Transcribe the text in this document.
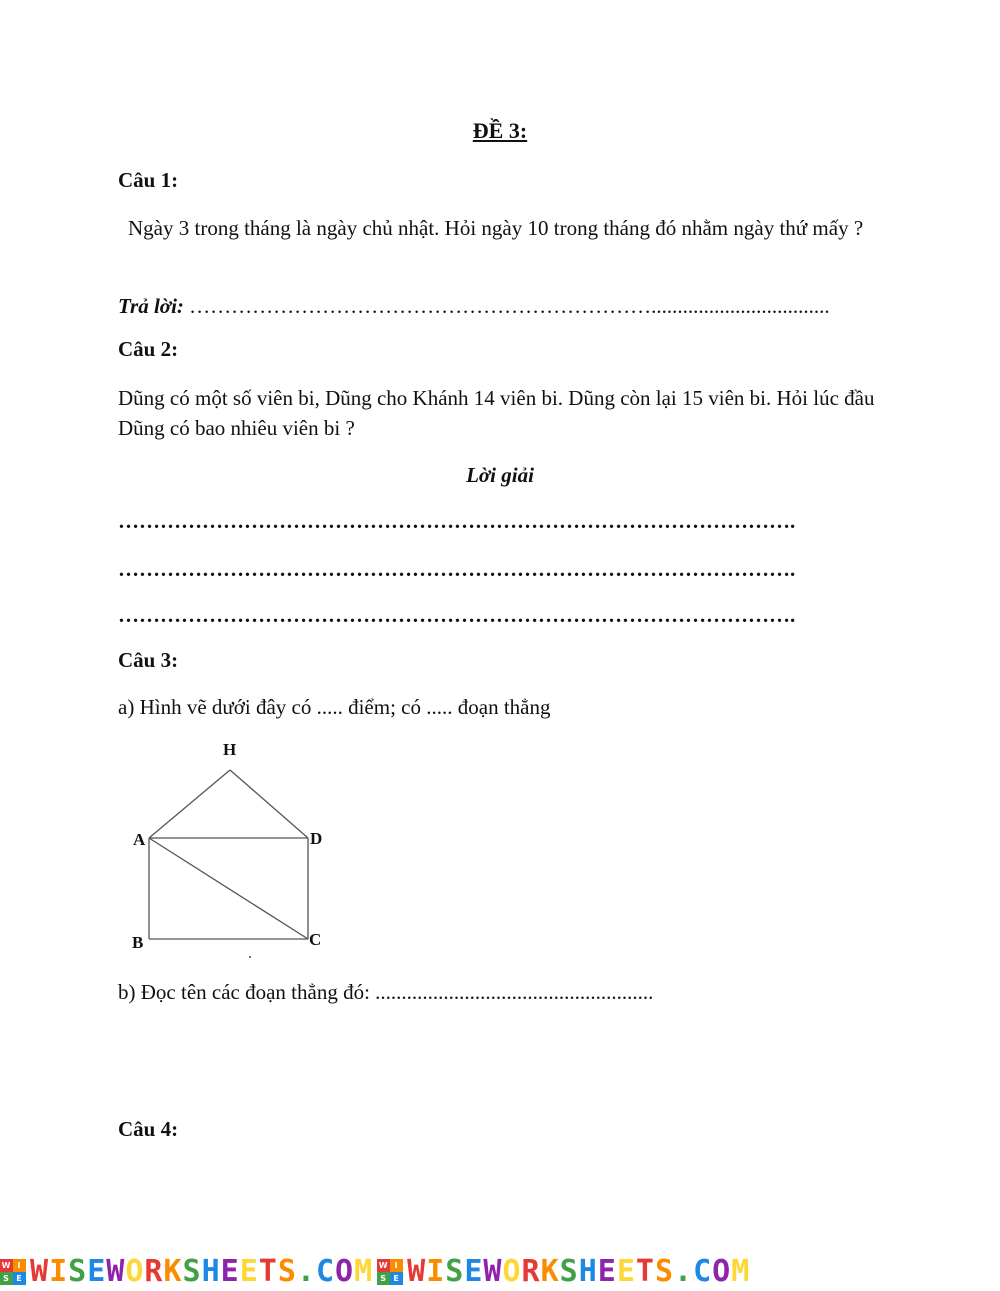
ĐỀ 3:
Câu 1:
Ngày 3 trong tháng là ngày chủ nhật. Hỏi ngày 10 trong tháng đó nhằm ngày thứ mấy ?
Trả lời: …………………………………………………………..................................
Câu 2:
Dũng có một số viên bi, Dũng cho Khánh 14 viên bi. Dũng còn lại 15 viên bi. Hỏi lúc đầu Dũng có bao nhiêu viên bi ?
Lời giải
…………………………………………………………………………………….
…………………………………………………………………………………….
…………………………………………………………………………………….
Câu 3:
a) Hình vẽ dưới đây có ..... điểm; có ..... đoạn thẳng
H
A	D
B	C
b) Đọc tên các đoạn thẳng đó: .....................................................
Câu 4:
W I
S E WISEWORKSHEETS.COM W I
S E WISEWORKSHEETS.COM
